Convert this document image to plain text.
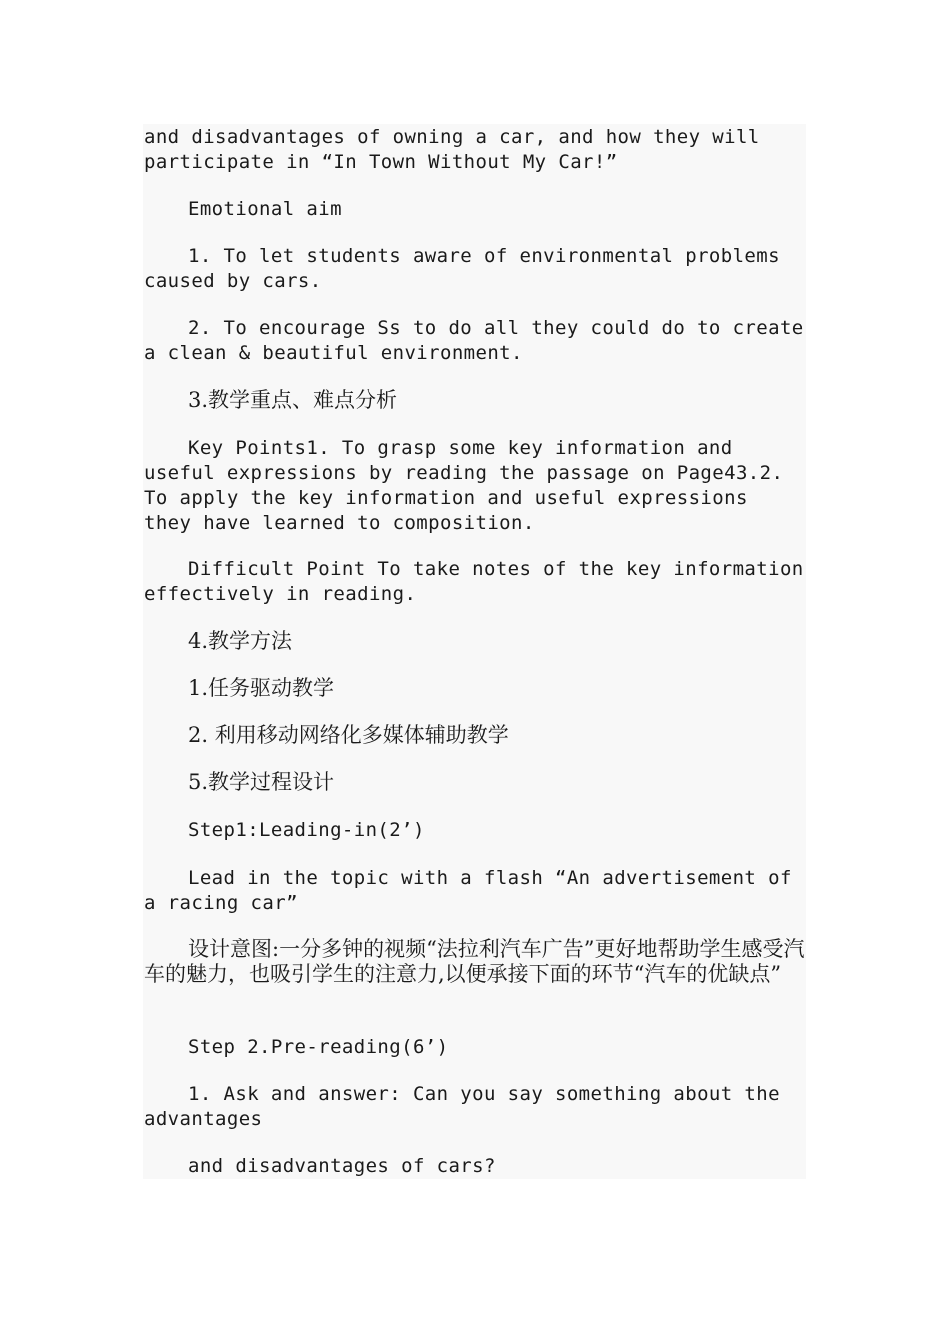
and disadvantages of owning a car, and how they will participate in “In Town Without My Car!”

Emotional aim

1. To let students aware of environmental problems caused by cars.

2. To encourage Ss to do all they could do to create a clean & beautiful environment.

3.教学重点、难点分析

Key Points1. To grasp some key information and useful expressions by reading the passage on Page43.2. To apply the key information and useful expressions they have learned to composition.

Difficult Point To take notes of the key information effectively in reading.

4.教学方法

1.任务驱动教学

2. 利用移动网络化多媒体辅助教学

5.教学过程设计

Step1:Leading-in(2’)

Lead in the topic with a flash “An advertisement of a racing car”

设计意图:一分多钟的视频“法拉利汽车广告”更好地帮助学生感受汽车的魅力，也吸引学生的注意力,以便承接下面的环节“汽车的优缺点”

Step 2.Pre-reading(6’)

1. Ask and answer: Can you say something about the advantages

and disadvantages of cars?
